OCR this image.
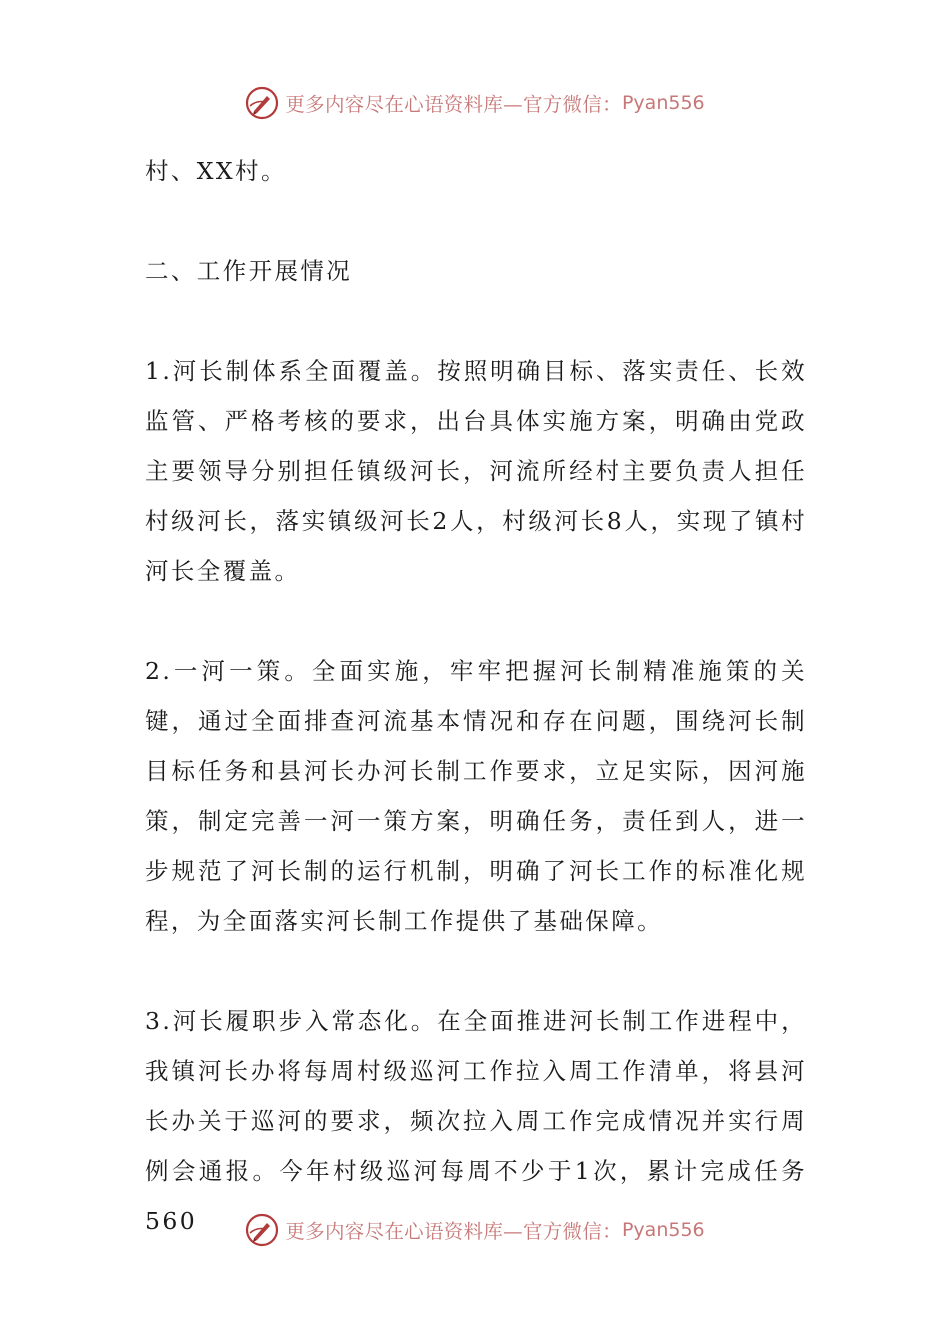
更多内容尽在心语资料库—官方微信： Pyan556

村、XX村。

二、工作开展情况

1.河长制体系全面覆盖。按照明确目标、落实责任、长效监管、严格考核的要求，出台具体实施方案，明确由党政主要领导分别担任镇级河长，河流所经村主要负责人担任村级河长，落实镇级河长2人，村级河长8人，实现了镇村河长全覆盖。

2.一河一策。全面实施，牢牢把握河长制精准施策的关键，通过全面排查河流基本情况和存在问题，围绕河长制目标任务和县河长办河长制工作要求，立足实际，因河施策，制定完善一河一策方案，明确任务，责任到人，进一步规范了河长制的运行机制，明确了河长工作的标准化规程，为全面落实河长制工作提供了基础保障。

3.河长履职步入常态化。在全面推进河长制工作进程中，我镇河长办将每周村级巡河工作拉入周工作清单，将县河长办关于巡河的要求，频次拉入周工作完成情况并实行周例会通报。今年村级巡河每周不少于1次，累计完成任务560	更多内容尽在心语资料库—官方微信： Pyan556
